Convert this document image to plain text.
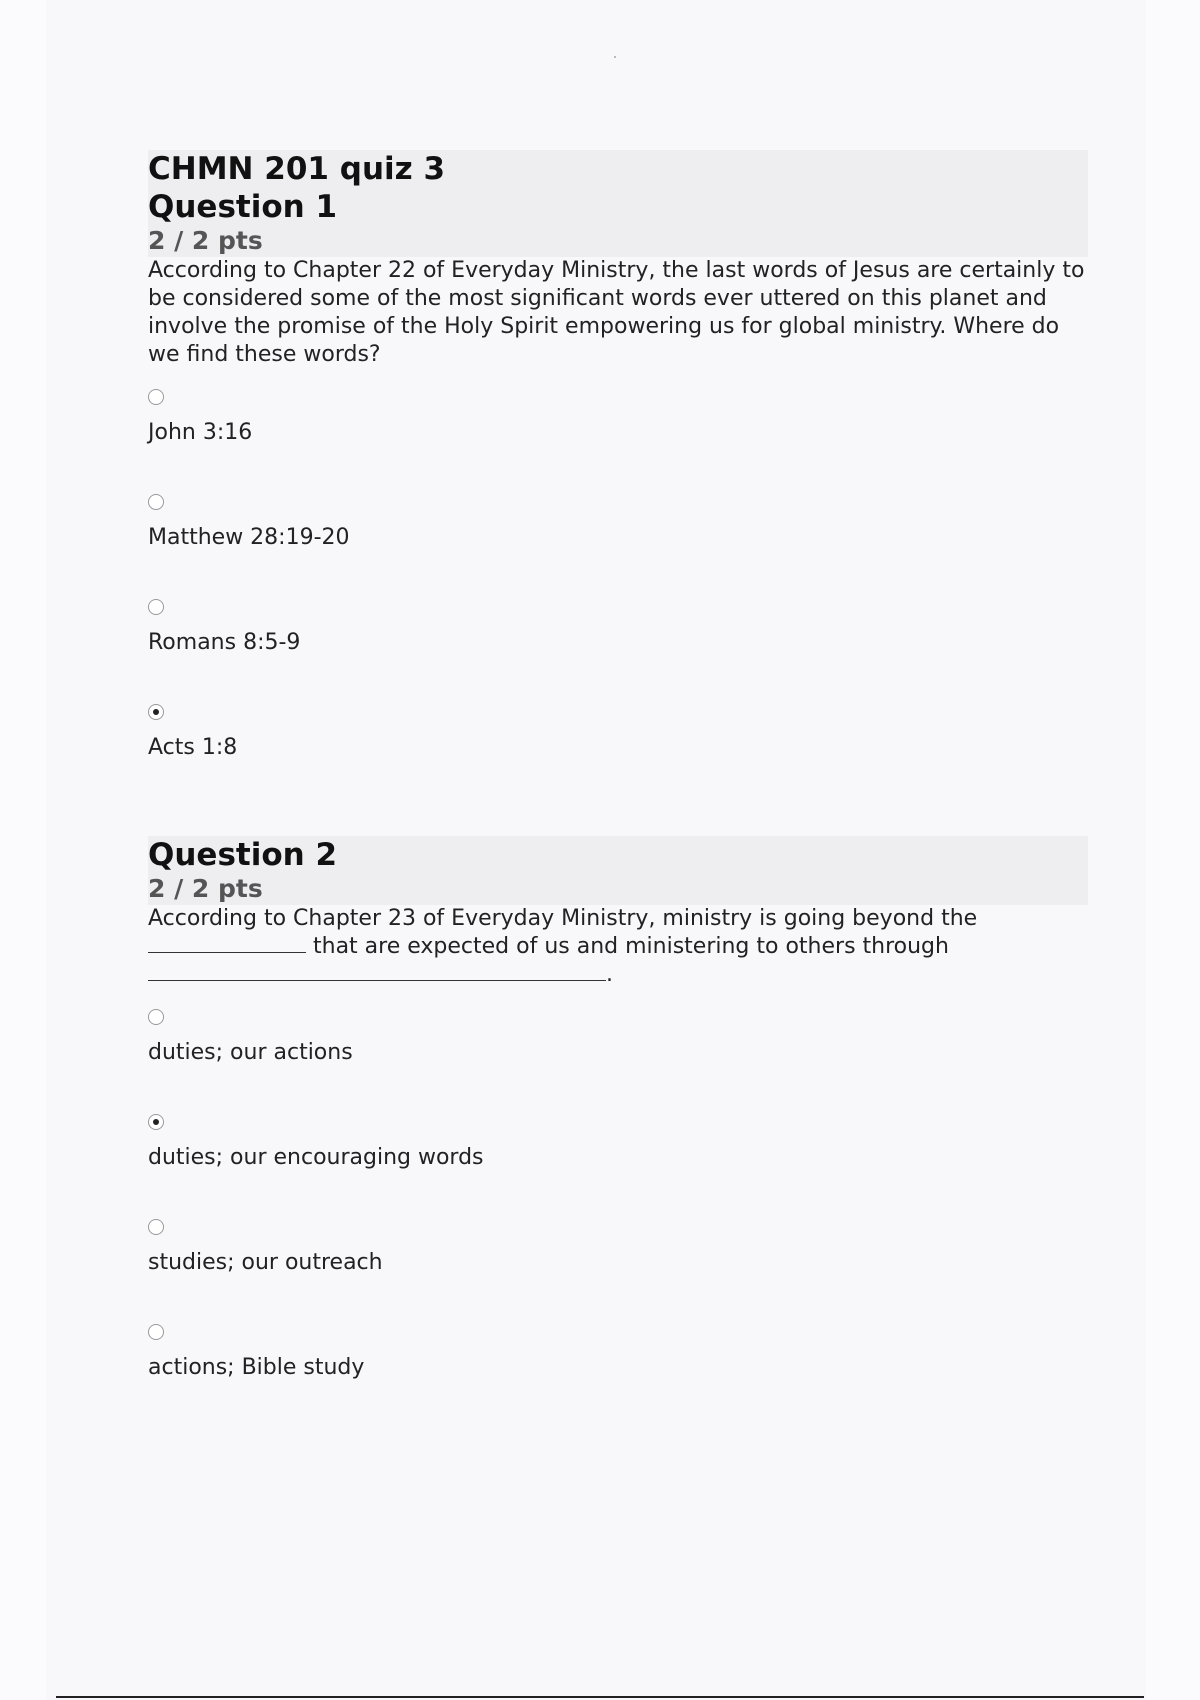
CHMN 201 quiz 3
Question 1
2 / 2 pts

According to Chapter 22 of Everyday Ministry, the last words of Jesus are certainly to be considered some of the most significant words ever uttered on this planet and involve the promise of the Holy Spirit empowering us for global ministry. Where do we find these words?

John 3:16
Matthew 28:19-20
Romans 8:5-9
Acts 1:8
Question 2
2 / 2 pts

According to Chapter 23 of Everyday Ministry, ministry is going beyond the
that are expected of us and ministering to others through
.

duties; our actions
duties; our encouraging words
studies; our outreach
actions; Bible study
